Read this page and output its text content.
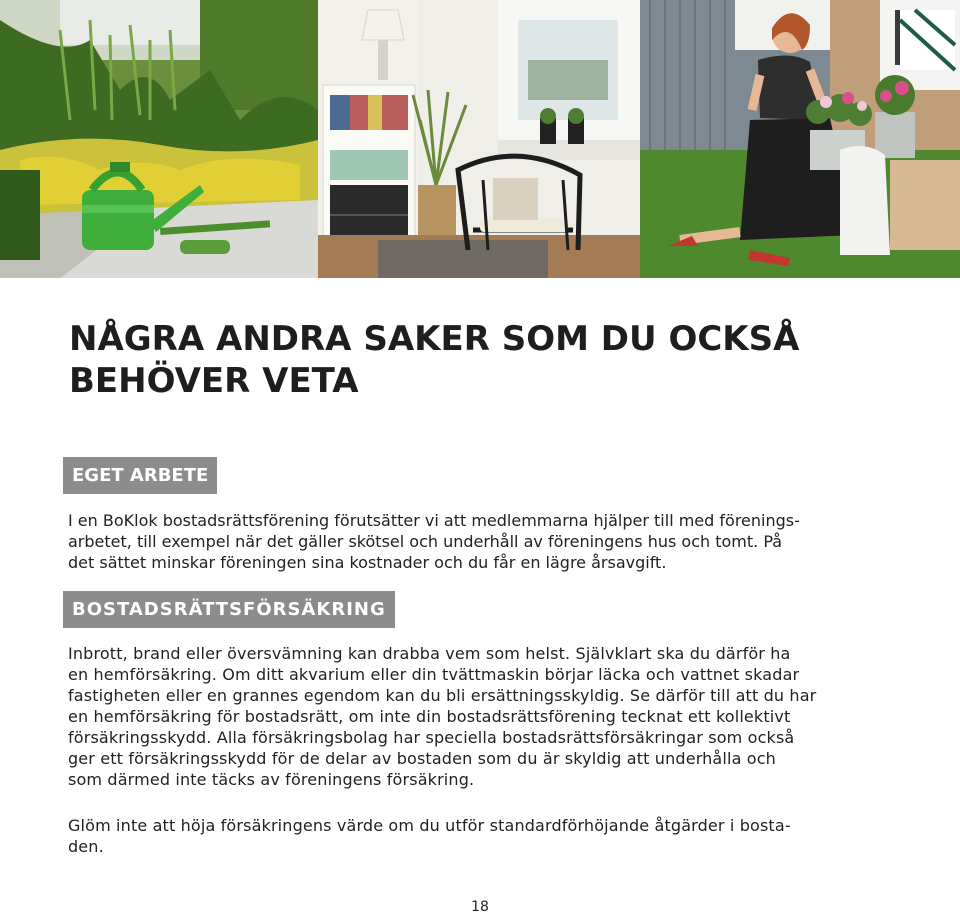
NÅGRA ANDRA SAKER SOM DU OCKSÅ
BEHÖVER VETA
EGET ARBETE

I en BoKlok bostadsrättsförening förutsätter vi att medlemmarna hjälper till med förenings-
arbetet, till exempel när det gäller skötsel och underhåll av föreningens hus och tomt. På
det sättet minskar föreningen sina kostnader och du får en lägre årsavgift.

BOSTADSRÄTTSFÖRSÄKRING

Inbrott, brand eller översvämning kan drabba vem som helst. Självklart ska du därför ha
en hemförsäkring. Om ditt akvarium eller din tvättmaskin börjar läcka och vattnet skadar
fastigheten eller en grannes egendom kan du bli ersättningsskyldig. Se därför till att du har
en hemförsäkring för bostadsrätt, om inte din bostadsrättsförening tecknat ett kollektivt
försäkringsskydd. Alla försäkringsbolag har speciella bostadsrättsförsäkringar som också
ger ett försäkringsskydd för de delar av bostaden som du är skyldig att underhålla och
som därmed inte täcks av föreningens försäkring.

Glöm inte att höja försäkringens värde om du utför standardförhöjande åtgärder i bosta-
den.

18
